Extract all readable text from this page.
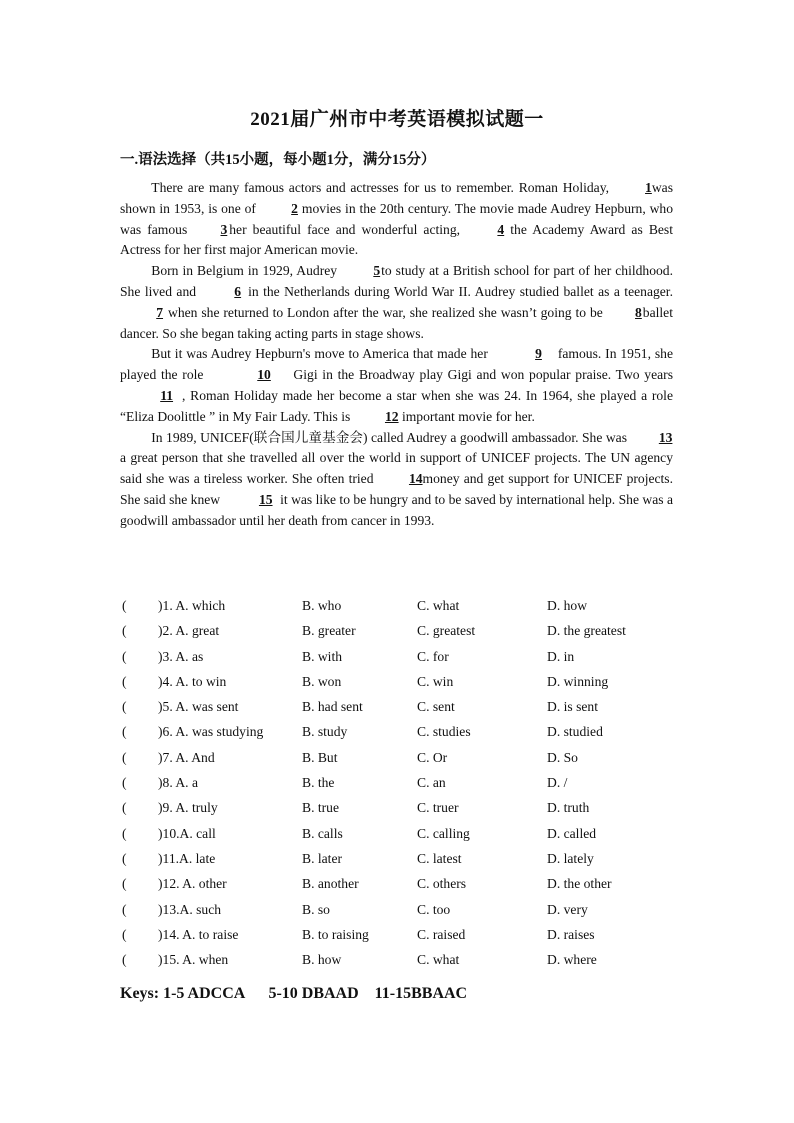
2021届广州市中考英语模拟试题一
一.语法选择（共15小题，每小题1分，满分15分）

There are many famous actors and actresses for us to remember. Roman Holiday, 1was shown in 1953, is one of	2 movies in the 20th century. The movie made Audrey Hepburn, who was famous 3 her beautiful face and wonderful acting, 4 the Academy Award as Best Actress for her first major American movie.

Born in Belgium in 1929, Audrey 5to study at a British school for part of her childhood. She lived and	6 in the Netherlands during World War II. Audrey studied ballet as a teenager. 7 when she returned to London after the war, she realized she wasn’t going to be 8ballet dancer. So she began taking acting parts in stage shows.

But it was Audrey Hepburn's move to America that made her	9 famous. In 1951, she played the role	10 Gigi in the Broadway play Gigi and won popular praise. Two years 11 , Roman Holiday made her become a star when she was 24. In 1964, she played a role “Eliza Doolittle ” in My Fair Lady. This is 12 important movie for her.

In 1989, UNICEF(联合国儿童基金会) called Audrey a goodwill ambassador. She was 13a great person that she travelled all over the world in support of UNICEF projects. The UN agency said she was a tireless worker. She often tried 14money and get support for UNICEF projects. She said she knew	15 it was like to be hungry and to be saved by international help. She was a goodwill ambassador until her death from cancer in 1993.

( )1. A. which	B. who	C. what	D. how
( )2. A. great	B. greater	C. greatest	D. the greatest
( )3. A. as	B. with	C. for	D. in
( )4. A. to win	B. won	C. win	D. winning
( )5. A. was sent	B. had sent	C. sent	D. is sent
( )6. A. was studying	B. study	C. studies	D. studied
( )7. A. And	B. But	C. Or	D. So
( )8. A. a	B. the	C. an	D. /
( )9. A. truly	B. true	C. truer	D. truth
( )10.A. call	B. calls	C. calling	D. called
( )11.A. late	B. later	C. latest	D. lately
( )12. A. other	B. another	C. others	D. the other
( )13.A. such	B. so	C. too	D. very
( )14. A. to raise	B. to raising	C. raised	D. raises
( )15. A. when	B. how	C. what	D. where
Keys: 1-5 ADCCA      5-10 DBAAD    11-15BBAAC
